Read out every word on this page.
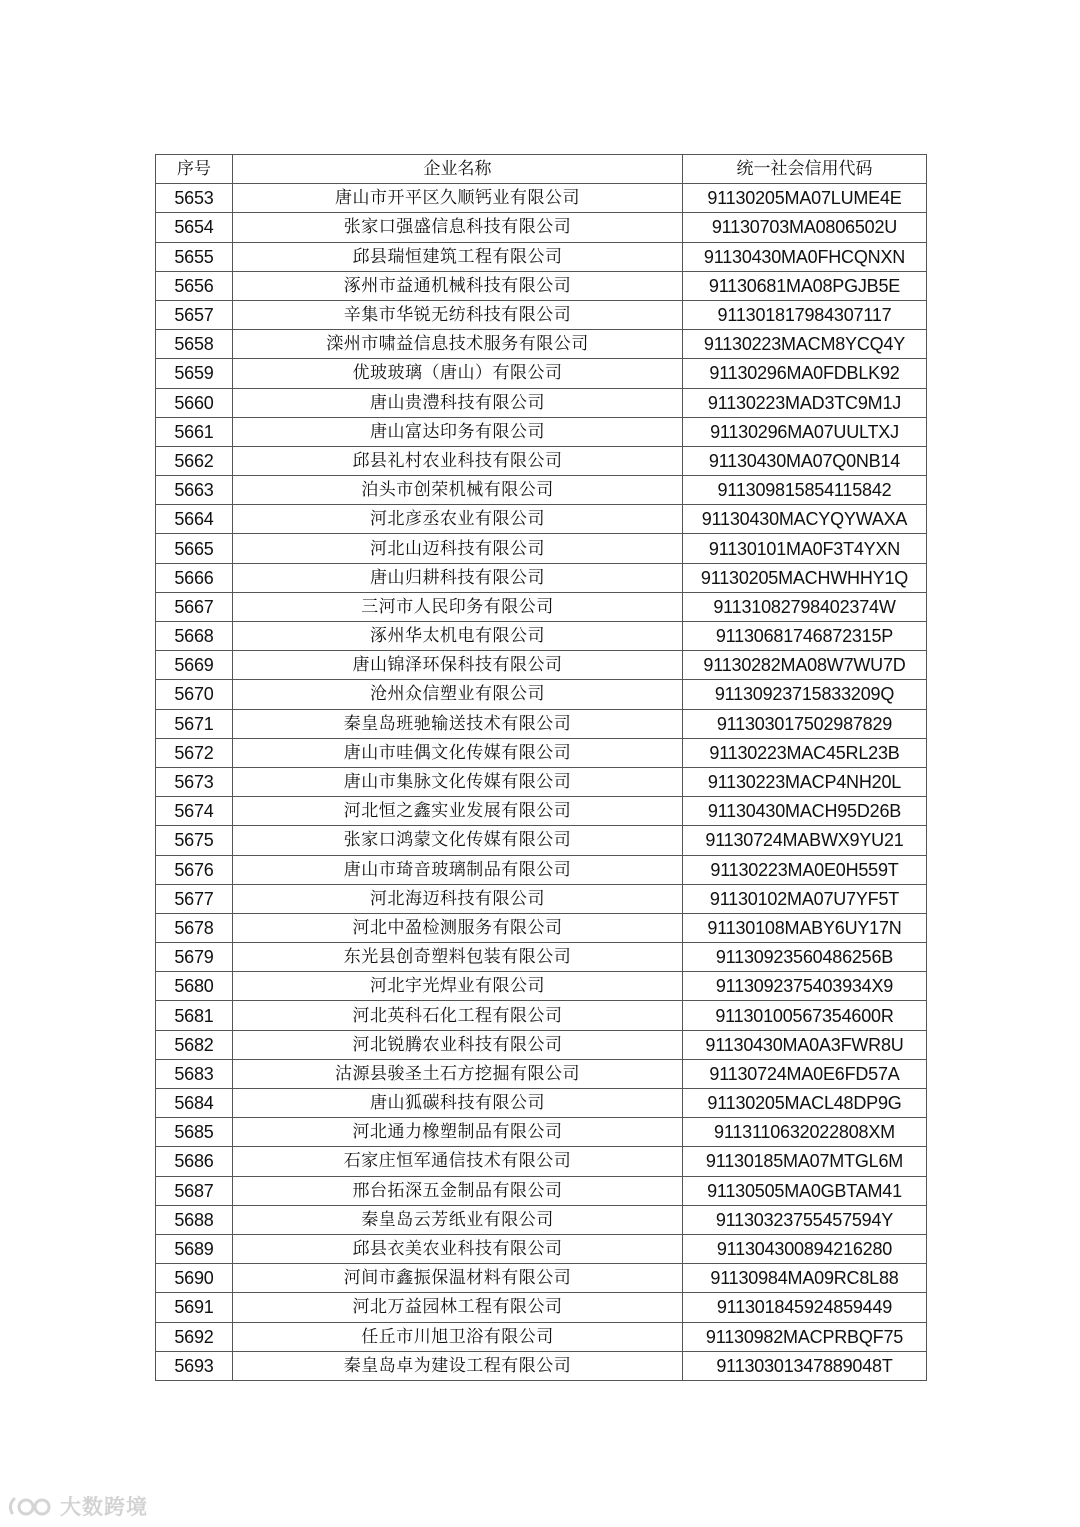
序号	企业名称	统一社会信用代码
5653	唐山市开平区久顺钙业有限公司	91130205MA07LUME4E
5654	张家口强盛信息科技有限公司	91130703MA0806502U
5655	邱县瑞恒建筑工程有限公司	91130430MA0FHCQNXN
5656	涿州市益通机械科技有限公司	91130681MA08PGJB5E
5657	辛集市华锐无纺科技有限公司	911301817984307117
5658	滦州市啸益信息技术服务有限公司	91130223MACM8YCQ4Y
5659	优玻玻璃（唐山）有限公司	91130296MA0FDBLK92
5660	唐山贵澧科技有限公司	91130223MAD3TC9M1J
5661	唐山富达印务有限公司	91130296MA07UULTXJ
5662	邱县礼村农业科技有限公司	91130430MA07Q0NB14
5663	泊头市创荣机械有限公司	911309815854115842
5664	河北彦丞农业有限公司	91130430MACYQYWAXA
5665	河北山迈科技有限公司	91130101MA0F3T4YXN
5666	唐山归耕科技有限公司	91130205MACHWHHY1Q
5667	三河市人民印务有限公司	91131082798402374W
5668	涿州华太机电有限公司	91130681746872315P
5669	唐山锦泽环保科技有限公司	91130282MA08W7WU7D
5670	沧州众信塑业有限公司	91130923715833209Q
5671	秦皇岛班驰输送技术有限公司	911303017502987829
5672	唐山市哇偶文化传媒有限公司	91130223MAC45RL23B
5673	唐山市集脉文化传媒有限公司	91130223MACP4NH20L
5674	河北恒之鑫实业发展有限公司	91130430MACH95D26B
5675	张家口鸿蒙文化传媒有限公司	91130724MABWX9YU21
5676	唐山市琦音玻璃制品有限公司	91130223MA0E0H559T
5677	河北海迈科技有限公司	91130102MA07U7YF5T
5678	河北中盈检测服务有限公司	91130108MABY6UY17N
5679	东光县创奇塑料包装有限公司	91130923560486256B
5680	河北宇光焊业有限公司	9113092375403934X9
5681	河北英科石化工程有限公司	91130100567354600R
5682	河北锐腾农业科技有限公司	91130430MA0A3FWR8U
5683	沽源县骏圣土石方挖掘有限公司	91130724MA0E6FD57A
5684	唐山狐碳科技有限公司	91130205MACL48DP9G
5685	河北通力橡塑制品有限公司	9113110632022808XM
5686	石家庄恒军通信技术有限公司	91130185MA07MTGL6M
5687	邢台拓深五金制品有限公司	91130505MA0GBTAM41
5688	秦皇岛云芳纸业有限公司	91130323755457594Y
5689	邱县衣美农业科技有限公司	911304300894216280
5690	河间市鑫振保温材料有限公司	91130984MA09RC8L88
5691	河北万益园林工程有限公司	911301845924859449
5692	任丘市川旭卫浴有限公司	91130982MACPRBQF75
5693	秦皇岛卓为建设工程有限公司	91130301347889048T
大数跨境
